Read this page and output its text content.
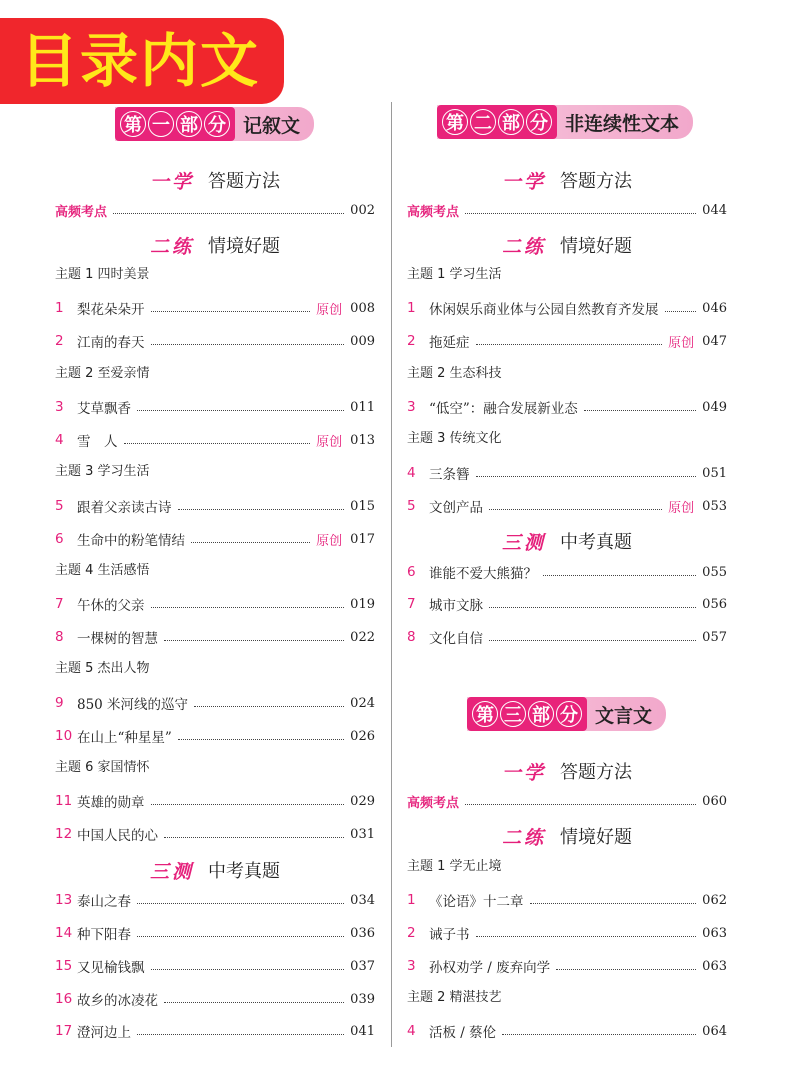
目录内文
第 一 部 分 记叙文
一学 答题方法
高频考点	002
二练 情境好题
主题 1 四时美景
1 梨花朵朵开	原创 008
2 江南的春天	009
主题 2 至爱亲情
3 艾草飘香	011
4 雪　人	原创 013
主题 3 学习生活
5 跟着父亲读古诗	015
6 生命中的粉笔情结	原创 017
主题 4 生活感悟
7 午休的父亲	019
8 一棵树的智慧	022
主题 5 杰出人物
9 850 米河线的巡守	024
10 在山上“种星星”	026
主题 6 家国情怀
11 英雄的勋章	029
12 中国人民的心	031
三测 中考真题
13 泰山之春	034
14 种下阳春	036
15 又见榆钱飘	037
16 故乡的冰凌花	039
17 澄河边上	041
第 二 部 分 非连续性文本
一学 答题方法
高频考点	044
二练 情境好题
主题 1 学习生活
1 休闲娱乐商业体与公园自然教育齐发展	046
2 拖延症	原创 047
主题 2 生态科技
3 “低空”：融合发展新业态	049
主题 3 传统文化
4 三条簪	051
5 文创产品	原创 053
三测 中考真题
6 谁能不爱大熊猫？	055
7 城市文脉	056
8 文化自信	057
第 三 部 分 文言文
一学 答题方法
高频考点	060
二练 情境好题
主题 1 学无止境
1 《论语》十二章	062
2 诫子书	063
3 孙权劝学 / 废弃向学	063
主题 2 精湛技艺
4 活板 / 蔡伦	064
